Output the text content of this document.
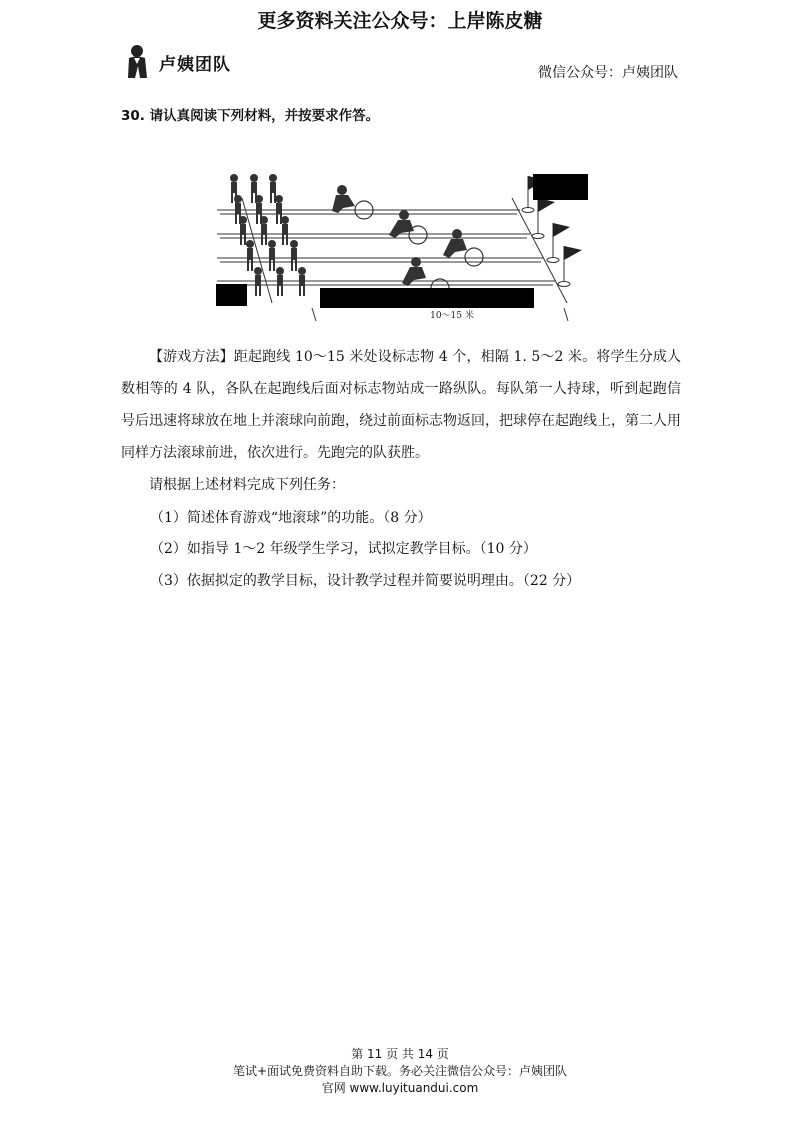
更多资料关注公众号：上岸陈皮糖
卢姨团队	微信公众号：卢姨团队
30. 请认真阅读下列材料，并按要求作答。
10～15 米
【游戏方法】距起跑线 10～15 米处设标志物 4 个，相隔 1. 5～2 米。将学生分成人数相等的 4 队，各队在起跑线后面对标志物站成一路纵队。每队第一人持球，听到起跑信号后迅速将球放在地上并滚球向前跑，绕过前面标志物返回，把球停在起跑线上，第二人用同样方法滚球前进，依次进行。先跑完的队获胜。
请根据上述材料完成下列任务：
（1）简述体育游戏“地滚球”的功能。（8 分）
（2）如指导 1～2 年级学生学习，试拟定教学目标。（10 分）
（3）依据拟定的教学目标，设计教学过程并简要说明理由。（22 分）
第 11 页 共 14 页
笔试+面试免费资料自助下载。务必关注微信公众号：卢姨团队
官网 www.luyituandui.com
